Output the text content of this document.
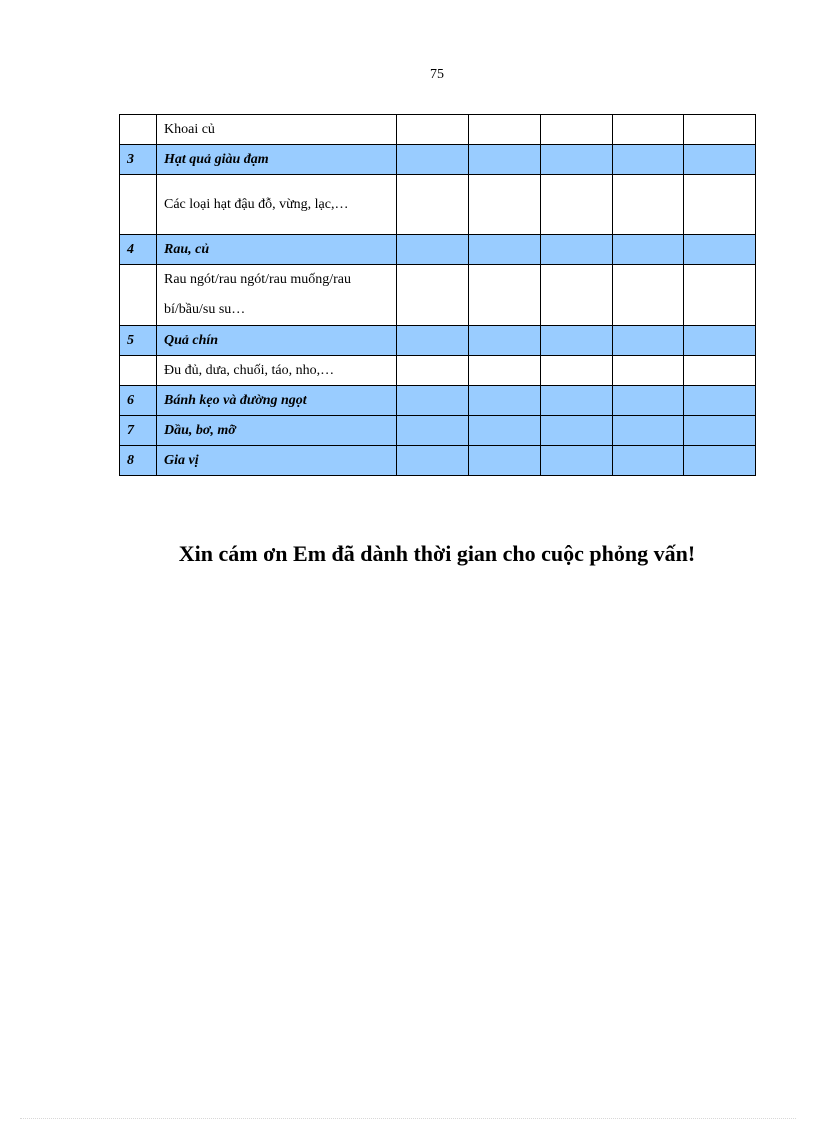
75
	Khoai củ					
3	Hạt quả giàu đạm					
	Các loại hạt đậu đỗ, vừng, lạc,…					
4	Rau, củ					
	Rau ngót/rau ngót/rau muống/rau bí/bầu/su su…					
5	Quả chín					
	Đu đủ, dưa, chuối, táo, nho,…					
6	Bánh kẹo và đường ngọt					
7	Dầu, bơ, mỡ					
8	Gia vị					
Xin cám ơn Em đã dành thời gian cho cuộc phỏng vấn!
